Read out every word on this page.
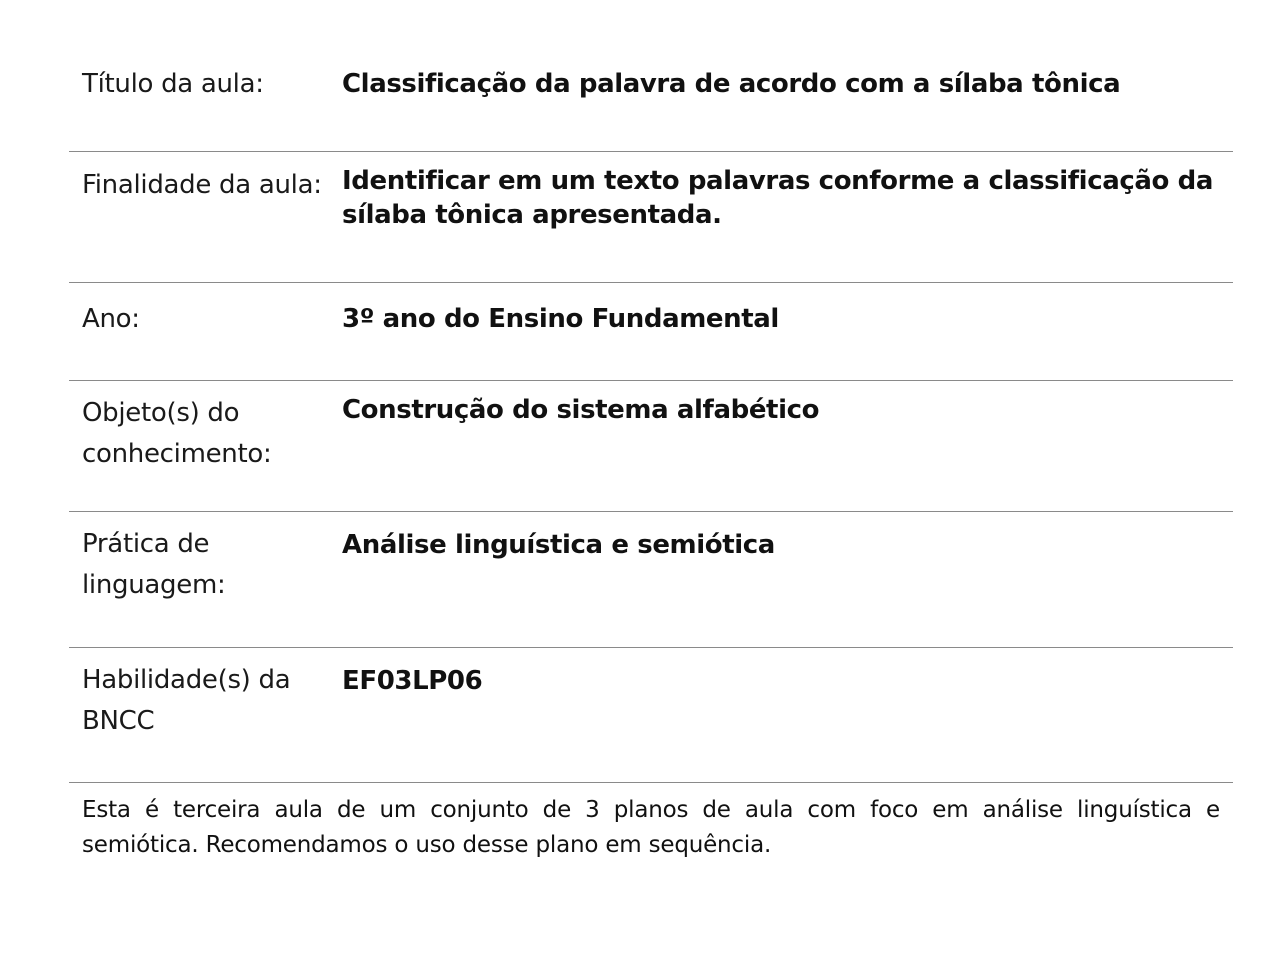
Título da aula:	Classificação da palavra de acordo com a sílaba tônica
Finalidade da aula:	Identificar em um texto palavras conforme a classificação da sílaba tônica apresentada.
Ano:	3º ano do Ensino Fundamental
Objeto(s) do conhecimento:	Construção do sistema alfabético
Prática de linguagem:	Análise linguística e semiótica
Habilidade(s) da BNCC	EF03LP06

Esta é terceira aula de um conjunto de 3 planos de aula com foco em análise linguística e semiótica. Recomendamos o uso desse plano em sequência.
